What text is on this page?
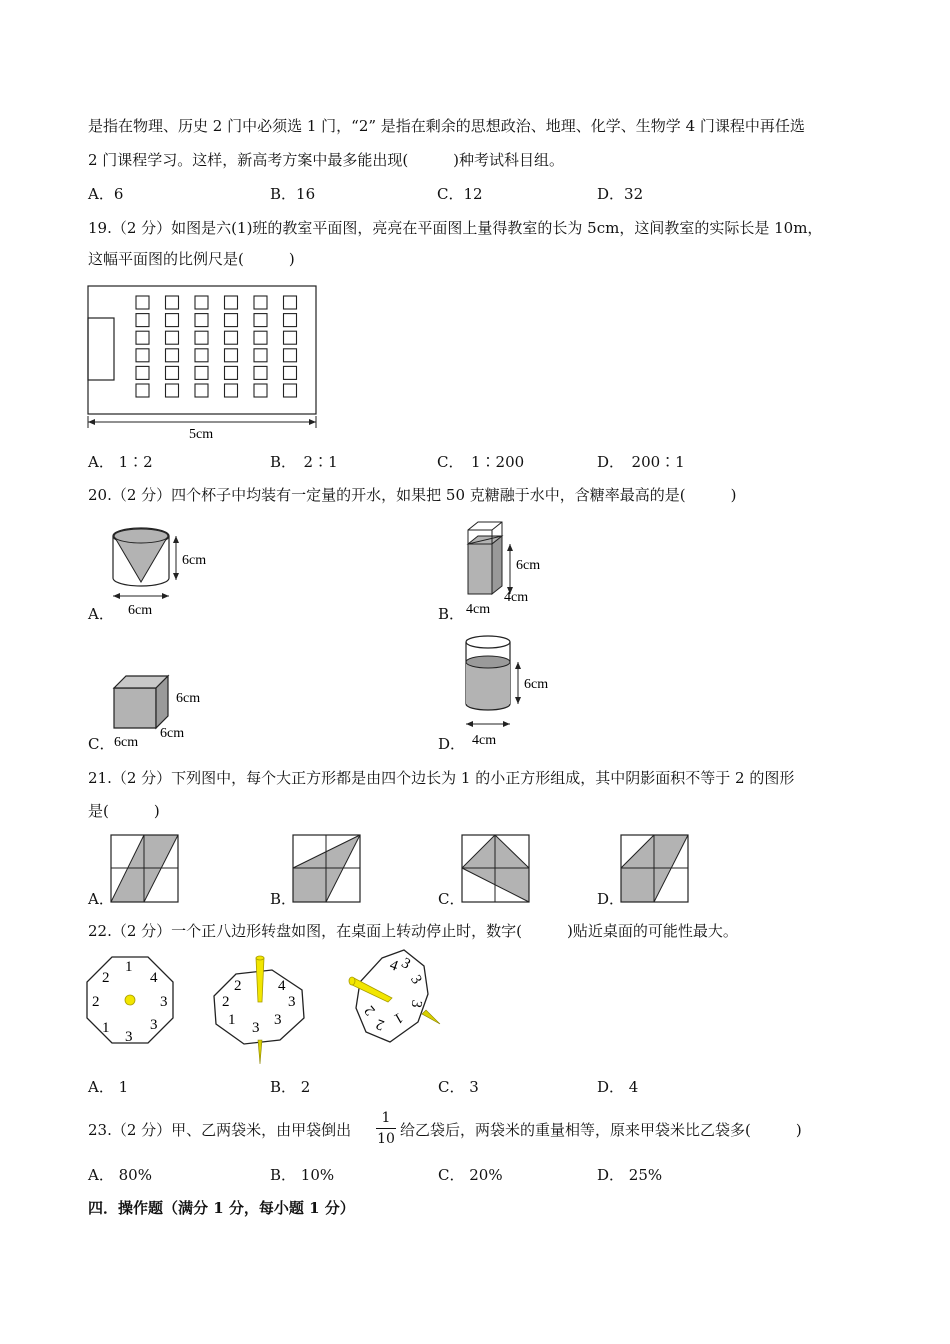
是指在物理、历史 2 门中必须选 1 门，“2” 是指在剩余的思想政治、地理、化学、生物学 4 门课程中再任选
2 门课程学习。这样，新高考方案中最多能出现(　　　)种考试科目组。
A．6	B．16	C．12	D．32
19.（2 分）如图是六(1)班的教室平面图，亮亮在平面图上量得教室的长为 5cm，这间教室的实际长是 10m，
这幅平面图的比例尺是(　　　)
5cm
A． 1∶2	B．　2∶1	C．　1∶200	D．　200∶1
20.（2 分）四个杯子中均装有一定量的开水，如果把 50 克糖融于水中，含糖率最高的是(　　　)
6cm
6cm
A．
6cm
4cm
4cm
B．
6cm
6cm
6cm
C．
6cm
4cm
D．
21.（2 分）下列图中，每个大正方形都是由四个边长为 1 的小正方形组成，其中阴影面积不等于 2 的图形
是(　　　)
A．	B．	C．	D．
22.（2 分）一个正八边形转盘如图，在桌面上转动停止时，数字(　　　)贴近桌面的可能性最大。
1
4
3
3
3
1
2
2	2
2
1 3 3
3
4
4
3
3
3
1
2
2
A． 1	B． 2	C． 3	D． 4
23.（2 分）甲、乙两袋米，由甲袋倒出
1
10 给乙袋后，两袋米的重量相等，原来甲袋米比乙袋多(　　　)
A． 80%	B． 10%	C． 20%	D． 25%
四．操作题（满分 1 分，每小题 1 分）
